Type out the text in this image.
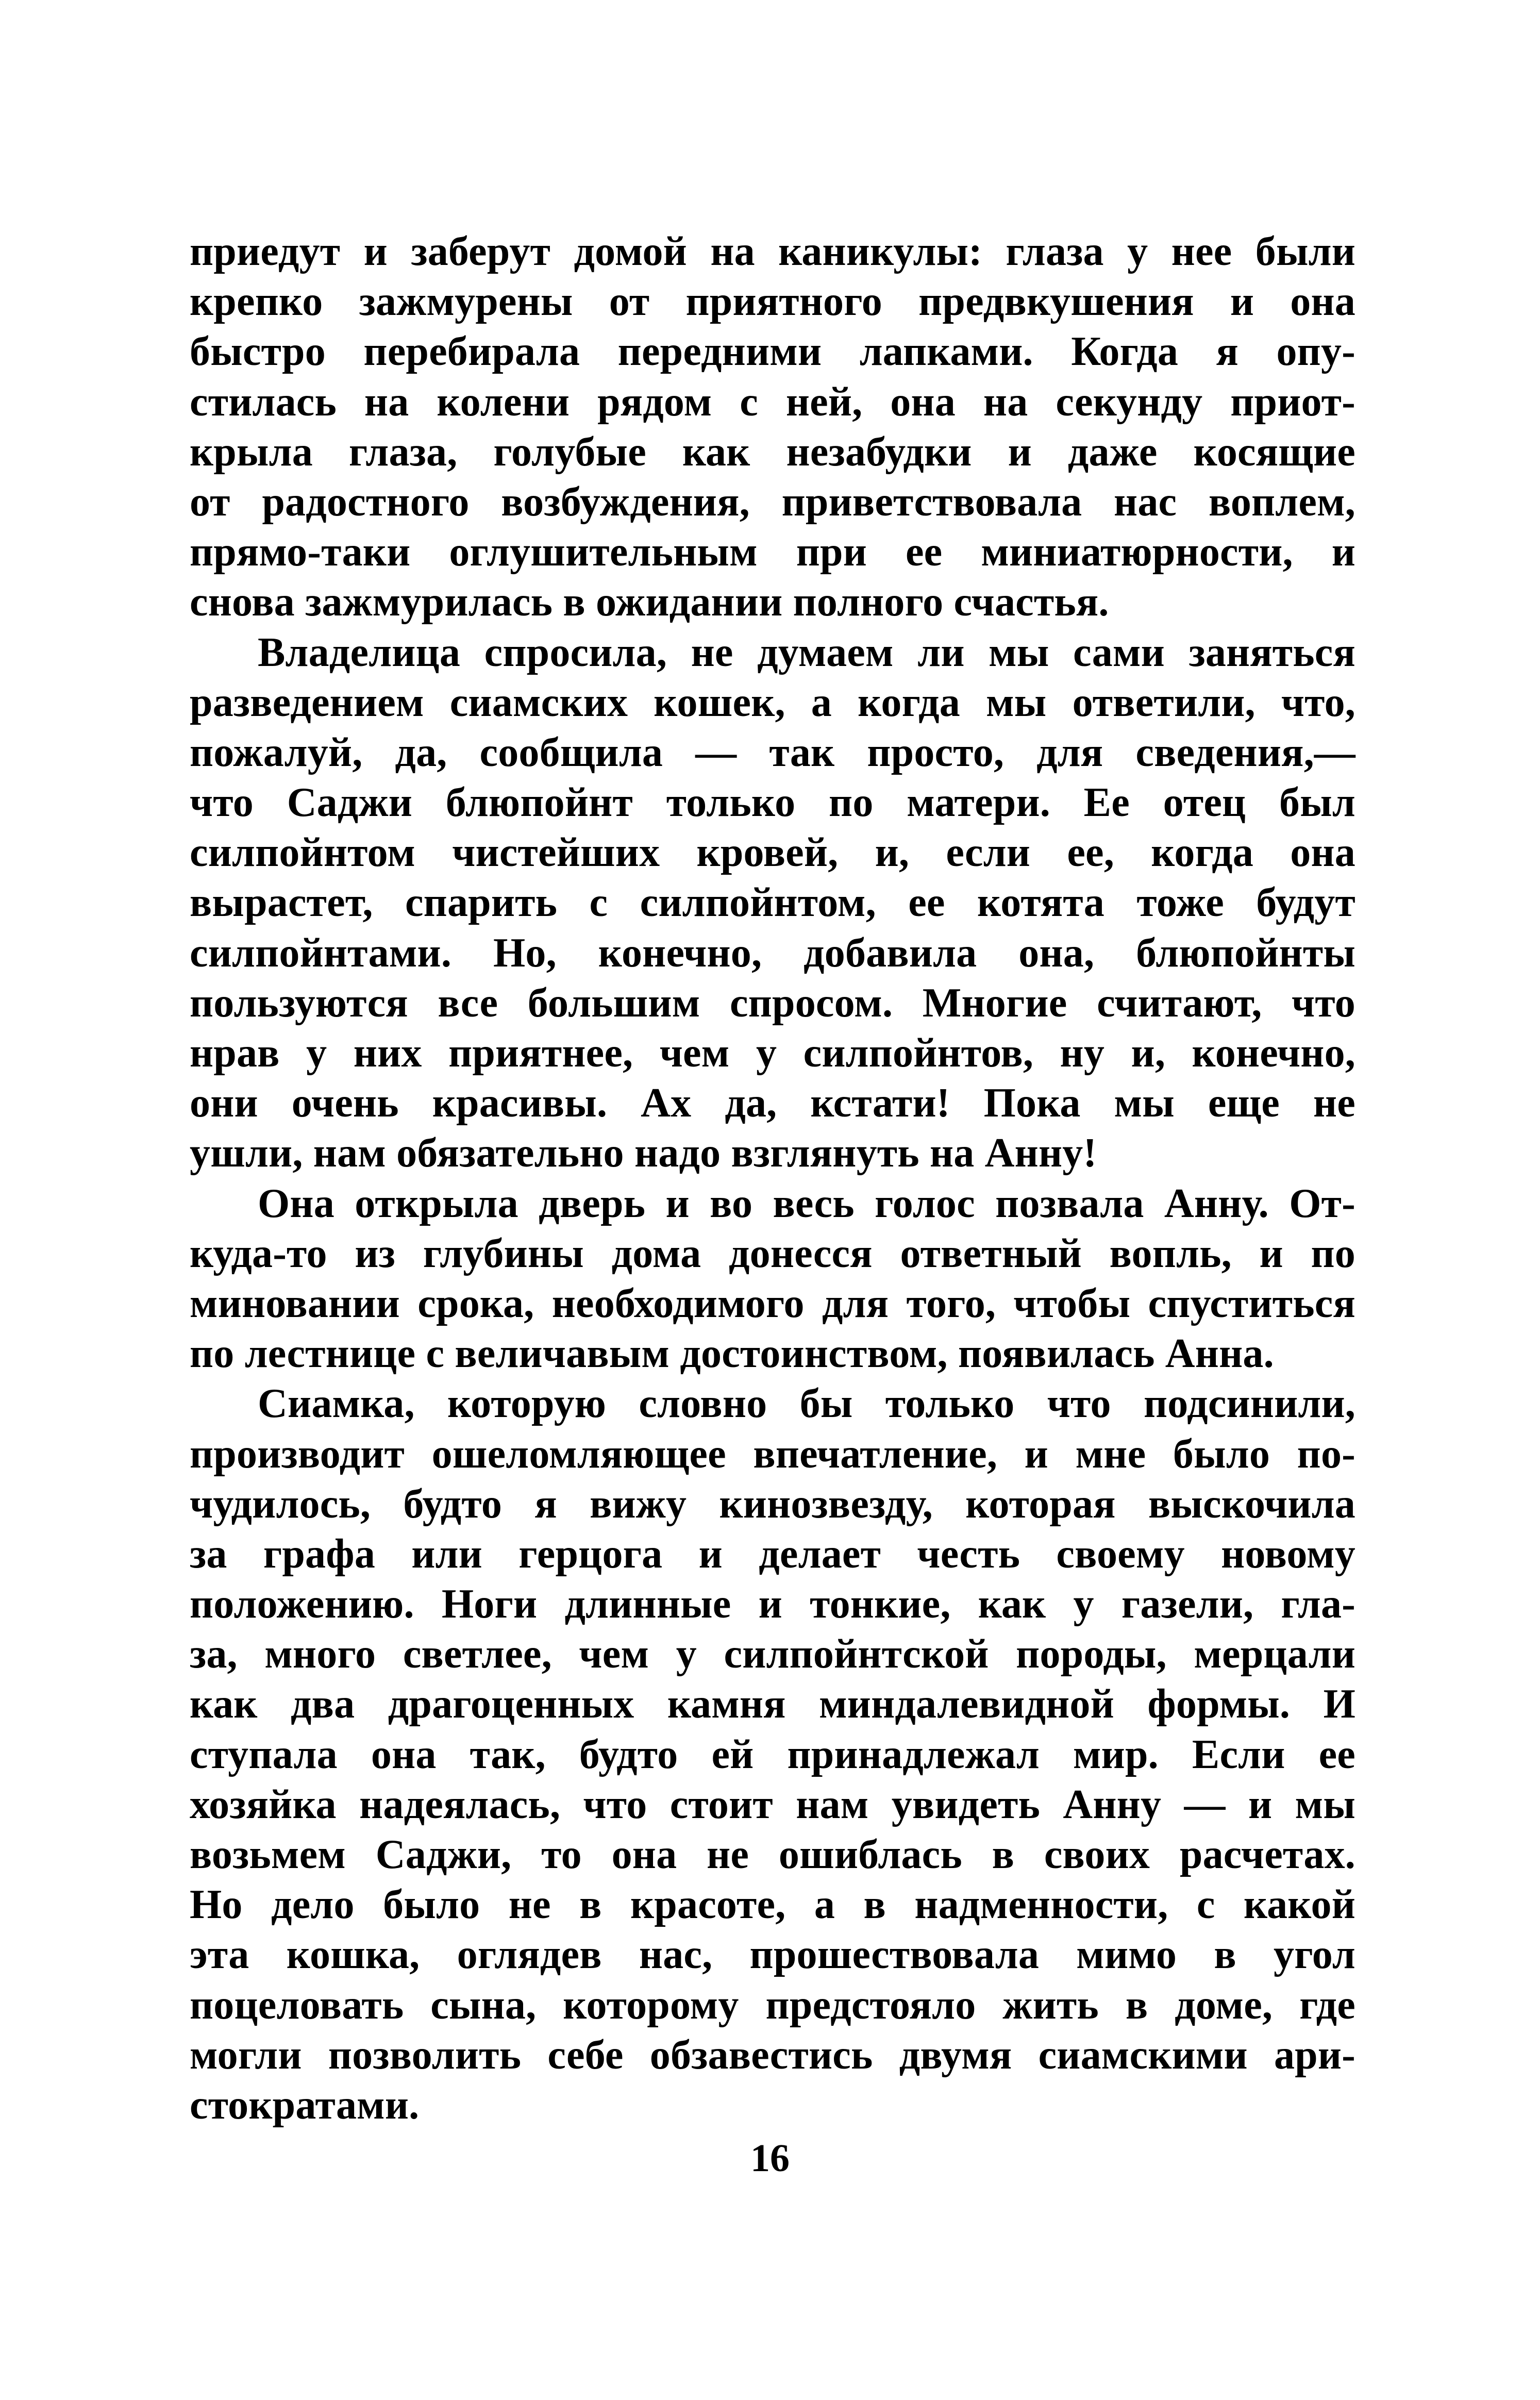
приедут и заберут домой на каникулы: глаза у нее были
крепко зажмурены от приятного предвкушения и она
быстро перебирала передними лапками. Когда я опу-
стилась на колени рядом с ней, она на секунду приот-
крыла глаза, голубые как незабудки и даже косящие
от радостного возбуждения, приветствовала нас воплем,
прямо-таки оглушительным при ее миниатюрности, и
снова зажмурилась в ожидании полного счастья.
Владелица спросила, не думаем ли мы сами заняться
разведением сиамских кошек, а когда мы ответили, что,
пожалуй, да, сообщила — так просто, для сведения,—
что Саджи блюпойнт только по матери. Ее отец был
силпойнтом чистейших кровей, и, если ее, когда она
вырастет, спарить с силпойнтом, ее котята тоже будут
силпойнтами. Но, конечно, добавила она, блюпойнты
пользуются все большим спросом. Многие считают, что
нрав у них приятнее, чем у силпойнтов, ну и, конечно,
они очень красивы. Ах да, кстати! Пока мы еще не
ушли, нам обязательно надо взглянуть на Анну!
Она открыла дверь и во весь голос позвала Анну. От-
куда-то из глубины дома донесся ответный вопль, и по
миновании срока, необходимого для того, чтобы спуститься
по лестнице с величавым достоинством, появилась Анна.
Сиамка, которую словно бы только что подсинили,
производит ошеломляющее впечатление, и мне было по-
чудилось, будто я вижу кинозвезду, которая выскочила
за графа или герцога и делает честь своему новому
положению. Ноги длинные и тонкие, как у газели, гла-
за, много светлее, чем у силпойнтской породы, мерцали
как два драгоценных камня миндалевидной формы. И
ступала она так, будто ей принадлежал мир. Если ее
хозяйка надеялась, что стоит нам увидеть Анну — и мы
возьмем Саджи, то она не ошиблась в своих расчетах.
Но дело было не в красоте, а в надменности, с какой
эта кошка, оглядев нас, прошествовала мимо в угол
поцеловать сына, которому предстояло жить в доме, где
могли позволить себе обзавестись двумя сиамскими ари-
стократами.
16
